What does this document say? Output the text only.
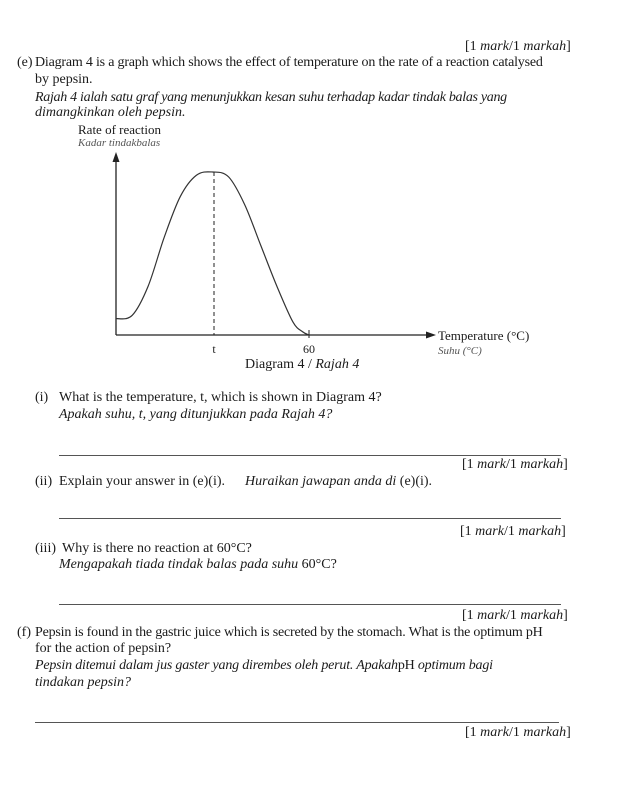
[1 mark/1 markah]
(e) Diagram 4 is a graph which shows the effect of temperature on the rate of a reaction catalysed
by pepsin.
Rajah 4 ialah satu graf yang menunjukkan kesan suhu terhadap kadar tindak balas yang
dimangkinkan oleh pepsin.
Rate of reaction
Kadar tindakbalas
t	60
Temperature (°C)
Suhu (°C)
Diagram 4 / Rajah 4
(i) What is the temperature, t, which is shown in Diagram 4?
Apakah suhu, t, yang ditunjukkan pada Rajah 4?
[1 mark/1 markah]
(ii) Explain your answer in (e)(i). Huraikan jawapan anda di (e)(i).
[1 mark/1 markah]
(iii) Why is there no reaction at 60°C?
Mengapakah tiada tindak balas pada suhu 60°C?
[1 mark/1 markah]
(f) Pepsin is found in the gastric juice which is secreted by the stomach. What is the optimum pH
for the action of pepsin?
Pepsin ditemui dalam jus gaster yang dirembes oleh perut. ApakahpH optimum bagi
tindakan pepsin?
[1 mark/1 markah]
